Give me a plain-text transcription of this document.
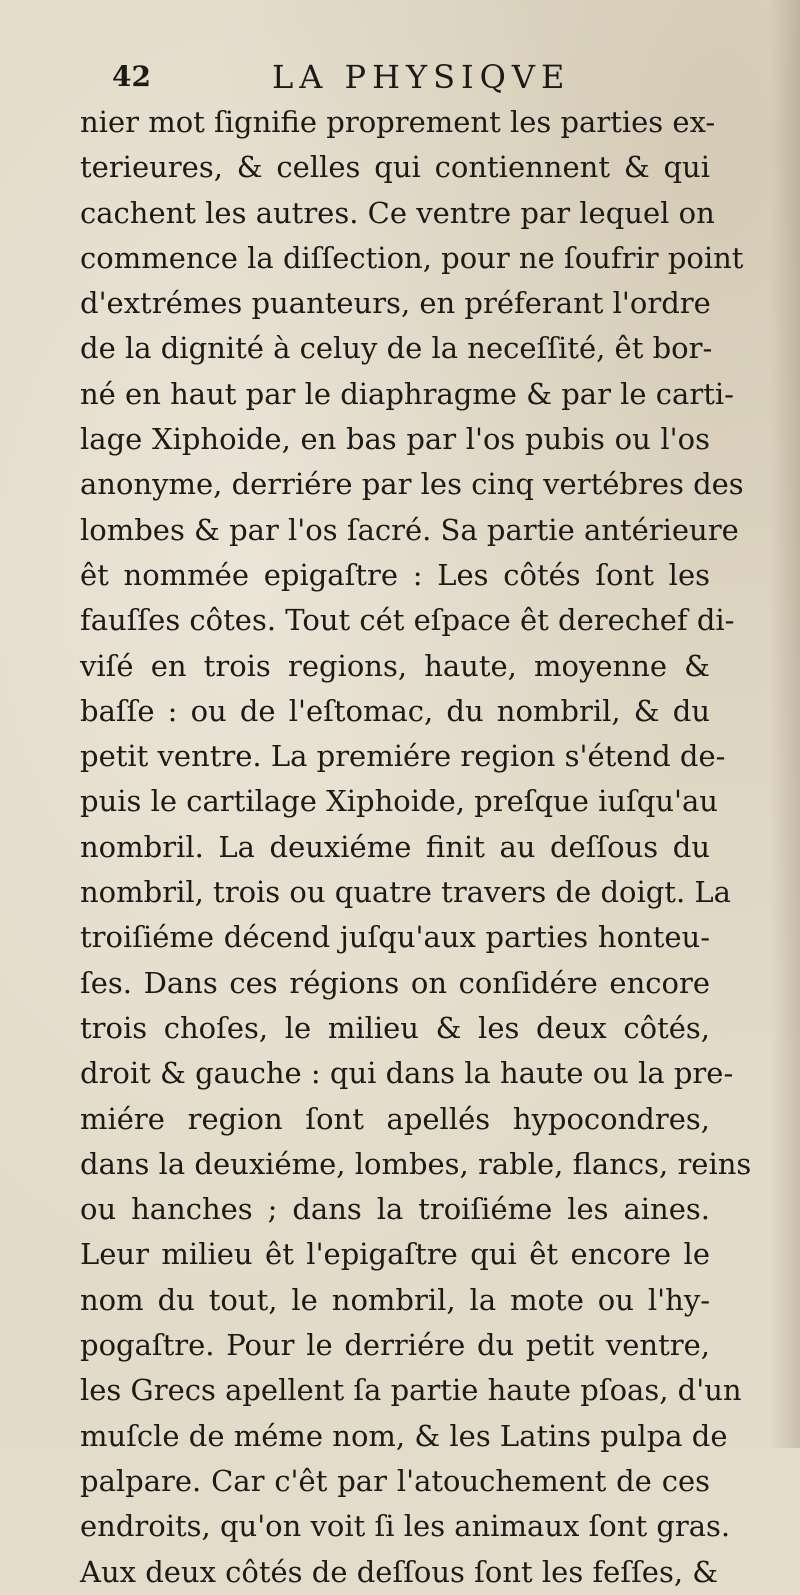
42	LA PHYSIQVE
nier mot ſignifie proprement les parties ex-
terieures, & celles qui contiennent & qui
cachent les autres. Ce ventre par lequel on
commence la diſſection, pour ne ſoufrir point
d'extrémes puanteurs, en préferant l'ordre
de la dignité à celuy de la neceſſité, êt bor-
né en haut par le diaphragme & par le carti-
lage Xiphoide, en bas par l'os pubis ou l'os
anonyme, derriére par les cinq vertébres des
lombes & par l'os ſacré. Sa partie antérieure
êt nommée epigaſtre : Les côtés ſont les
fauſſes côtes. Tout cét eſpace êt derechef di-
viſé en trois regions, haute, moyenne &
baſſe : ou de l'eſtomac, du nombril, & du
petit ventre. La premiére region s'étend de-
puis le cartilage Xiphoide, preſque iuſqu'au
nombril. La deuxiéme finit au deſſous du
nombril, trois ou quatre travers de doigt. La
troiſiéme décend juſqu'aux parties honteu-
ſes. Dans ces régions on conſidére encore
trois choſes, le milieu & les deux côtés,
droit & gauche : qui dans la haute ou la pre-
miére region ſont apellés hypocondres,
dans la deuxiéme, lombes, rable, flancs, reins
ou hanches ; dans la troiſiéme les aines.
Leur milieu êt l'epigaſtre qui êt encore le
nom du tout, le nombril, la mote ou l'hy-
pogaſtre. Pour le derriére du petit ventre,
les Grecs apellent ſa partie haute pſoas, d'un
muſcle de méme nom, & les Latins pulpa de
palpare. Car c'êt par l'atouchement de ces
endroits, qu'on voit ſi les animaux ſont gras.
Aux deux côtés de deſſous ſont les feſſes, &
